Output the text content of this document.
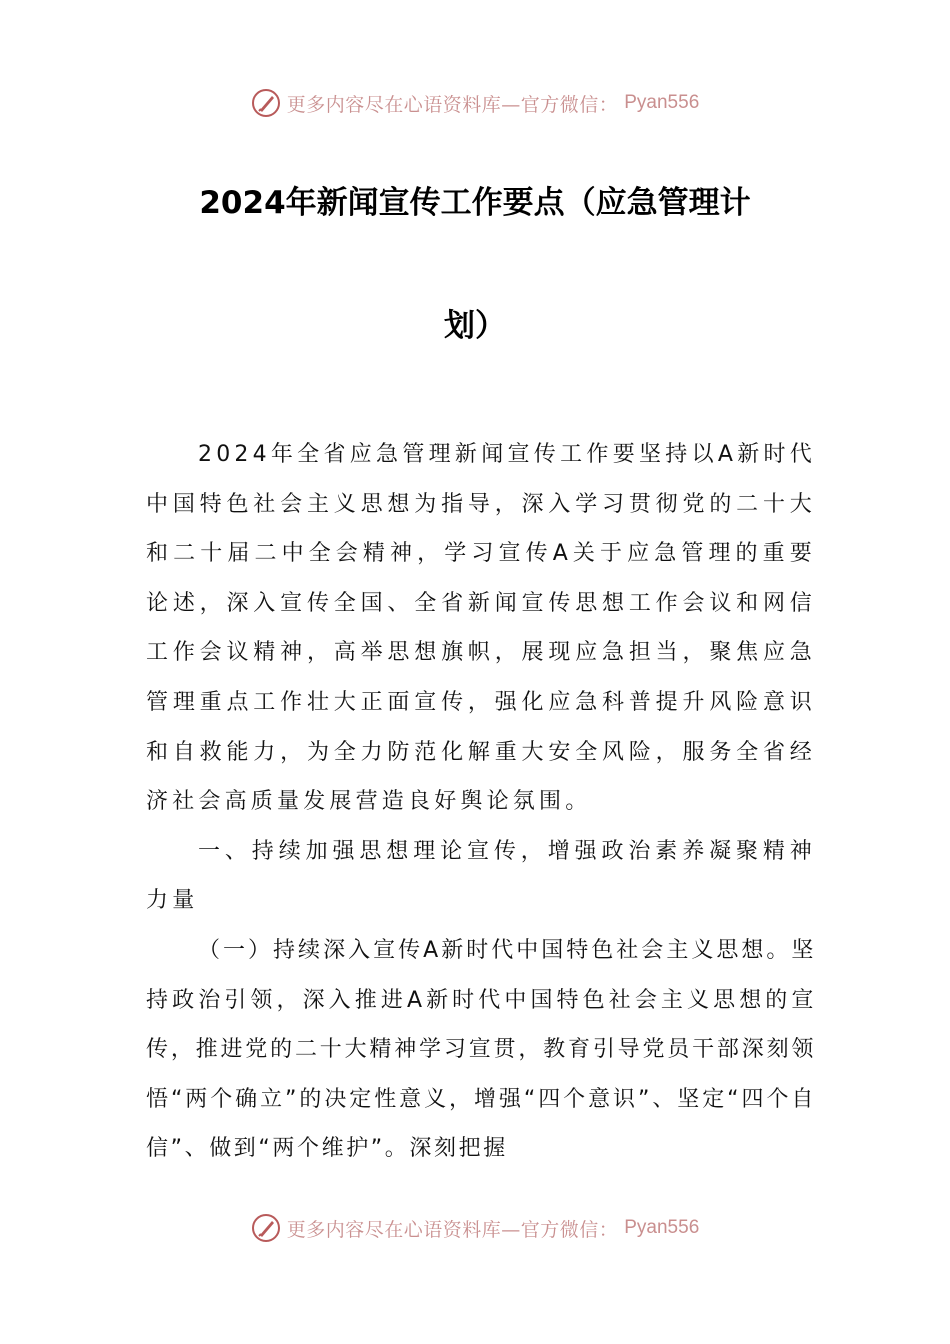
更多内容尽在心语资料库—官方微信： Pyan556
2024年新闻宣传工作要点（应急管理计
划）

2024年全省应急管理新闻宣传工作要坚持以A新时代中国特色社会主义思想为指导，深入学习贯彻党的二十大和二十届二中全会精神，学习宣传A关于应急管理的重要论述，深入宣传全国、全省新闻宣传思想工作会议和网信工作会议精神，高举思想旗帜，展现应急担当，聚焦应急管理重点工作壮大正面宣传，强化应急科普提升风险意识和自救能力，为全力防范化解重大安全风险，服务全省经济社会高质量发展营造良好舆论氛围。

一、持续加强思想理论宣传，增强政治素养凝聚精神力量

（一）持续深入宣传A新时代中国特色社会主义思想。坚持政治引领，深入推进A新时代中国特色社会主义思想的宣传，推进党的二十大精神学习宣贯，教育引导党员干部深刻领悟“两个确立”的决定性意义，增强“四个意识”、坚定“四个自信”、做到“两个维护”。深刻把握

更多内容尽在心语资料库—官方微信： Pyan556
